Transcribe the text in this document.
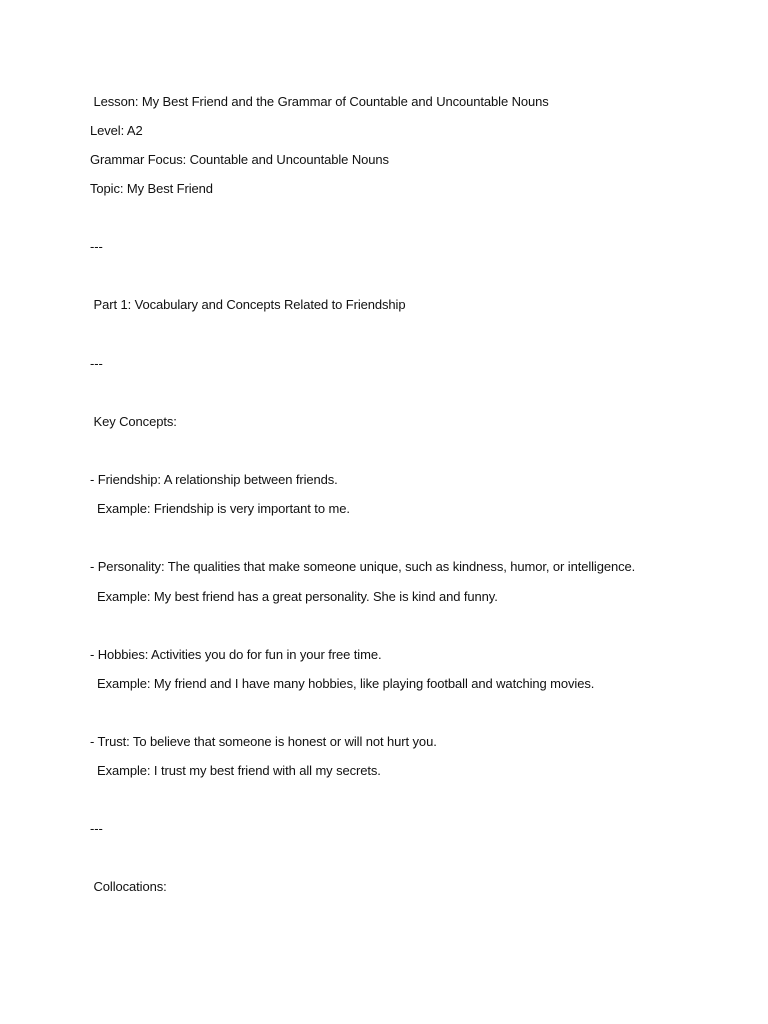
Lesson: My Best Friend and the Grammar of Countable and Uncountable Nouns
Level: A2
Grammar Focus: Countable and Uncountable Nouns
Topic: My Best Friend
---
Part 1: Vocabulary and Concepts Related to Friendship
---
Key Concepts:
- Friendship: A relationship between friends.
Example: Friendship is very important to me.
- Personality: The qualities that make someone unique, such as kindness, humor, or intelligence.
Example: My best friend has a great personality. She is kind and funny.
- Hobbies: Activities you do for fun in your free time.
Example: My friend and I have many hobbies, like playing football and watching movies.
- Trust: To believe that someone is honest or will not hurt you.
Example: I trust my best friend with all my secrets.
---
Collocations:
